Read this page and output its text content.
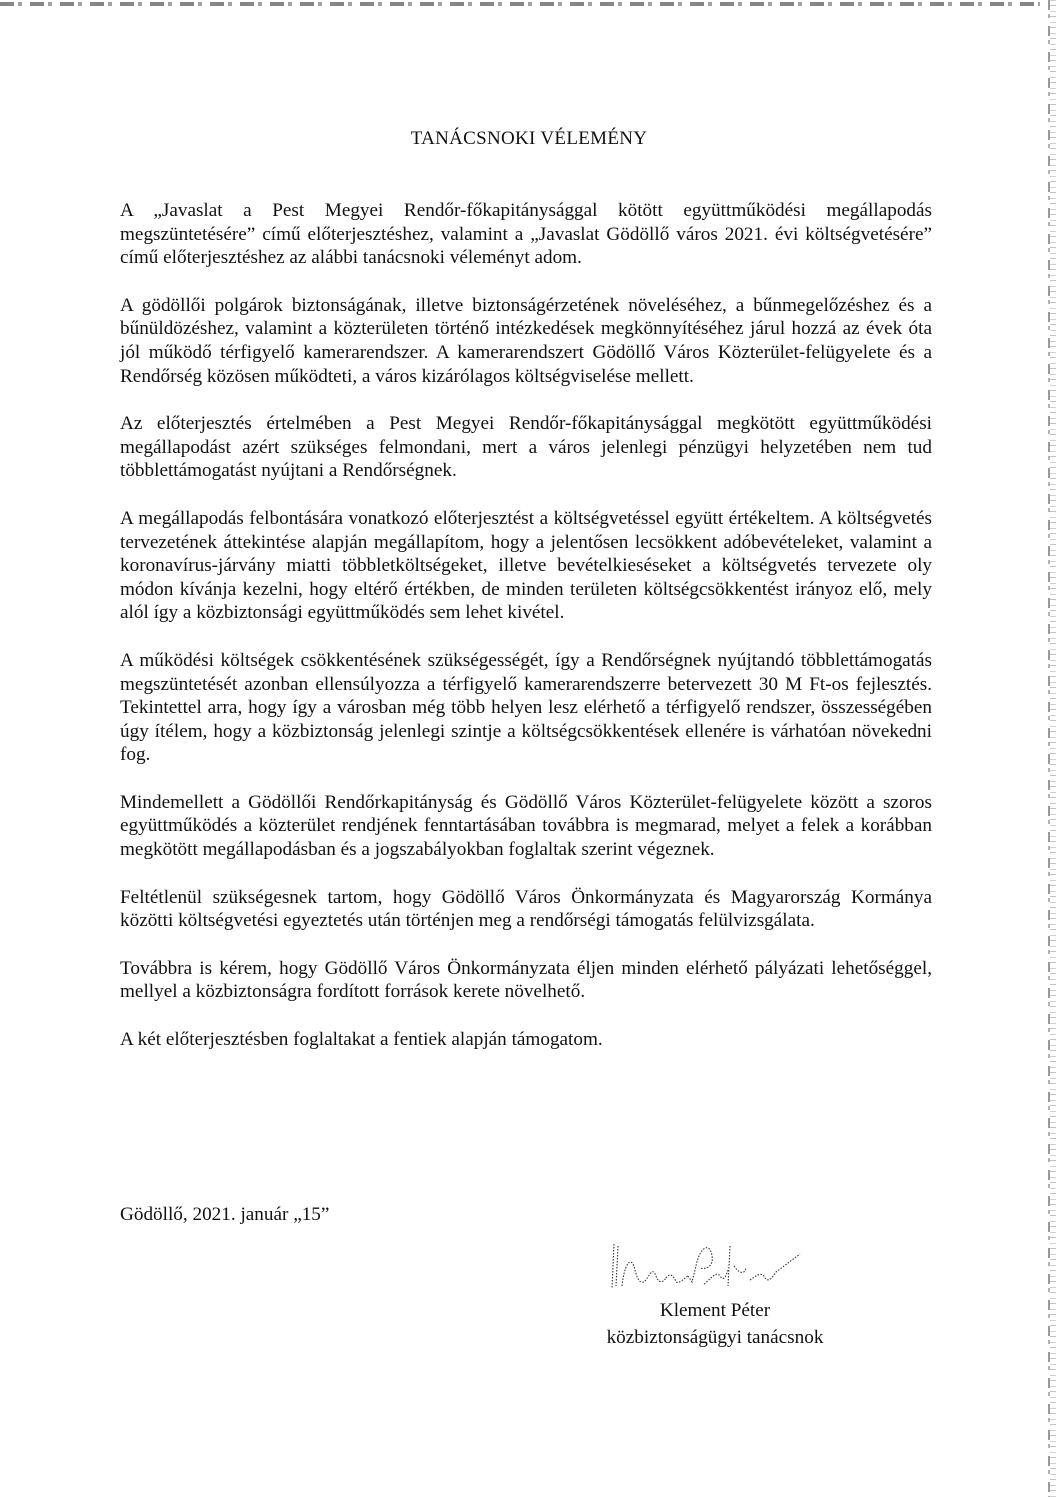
TANÁCSNOKI VÉLEMÉNY

A „Javaslat a Pest Megyei Rendőr-főkapitánysággal kötött együttműködési megállapodás megszüntetésére” című előterjesztéshez, valamint a „Javaslat Gödöllő város 2021. évi költségvetésére” című előterjesztéshez az alábbi tanácsnoki véleményt adom.

A gödöllői polgárok biztonságának, illetve biztonságérzetének növeléséhez, a bűnmegelőzéshez és a bűnüldözéshez, valamint a közterületen történő intézkedések megkönnyítéséhez járul hozzá az évek óta jól működő térfigyelő kamerarendszer. A kamerarendszert Gödöllő Város Közterület-felügyelete és a Rendőrség közösen működteti, a város kizárólagos költségviselése mellett.

Az előterjesztés értelmében a Pest Megyei Rendőr-főkapitánysággal megkötött együttműködési megállapodást azért szükséges felmondani, mert a város jelenlegi pénzügyi helyzetében nem tud többlettámogatást nyújtani a Rendőrségnek.

A megállapodás felbontására vonatkozó előterjesztést a költségvetéssel együtt értékeltem. A költségvetés tervezetének áttekintése alapján megállapítom, hogy a jelentősen lecsökkent adóbevételeket, valamint a koronavírus-járvány miatti többletköltségeket, illetve bevételkieséseket a költségvetés tervezete oly módon kívánja kezelni, hogy eltérő értékben, de minden területen költségcsökkentést irányoz elő, mely alól így a közbiztonsági együttműködés sem lehet kivétel.

A működési költségek csökkentésének szükségességét, így a Rendőrségnek nyújtandó többlettámogatás megszüntetését azonban ellensúlyozza a térfigyelő kamerarendszerre betervezett 30 M Ft-os fejlesztés. Tekintettel arra, hogy így a városban még több helyen lesz elérhető a térfigyelő rendszer, összességében úgy ítélem, hogy a közbiztonság jelenlegi szintje a költségcsökkentések ellenére is várhatóan növekedni fog.

Mindemellett a Gödöllői Rendőrkapitányság és Gödöllő Város Közterület-felügyelete között a szoros együttműködés a közterület rendjének fenntartásában továbbra is megmarad, melyet a felek a korábban megkötött megállapodásban és a jogszabályokban foglaltak szerint végeznek.

Feltétlenül szükségesnek tartom, hogy Gödöllő Város Önkormányzata és Magyarország Kormánya közötti költségvetési egyeztetés után történjen meg a rendőrségi támogatás felülvizsgálata.

Továbbra is kérem, hogy Gödöllő Város Önkormányzata éljen minden elérhető pályázati lehetőséggel, mellyel a közbiztonságra fordított források kerete növelhető.

A két előterjesztésben foglaltakat a fentiek alapján támogatom.

Gödöllő, 2021. január „15”
Klement Péter
közbiztonságügyi tanácsnok
